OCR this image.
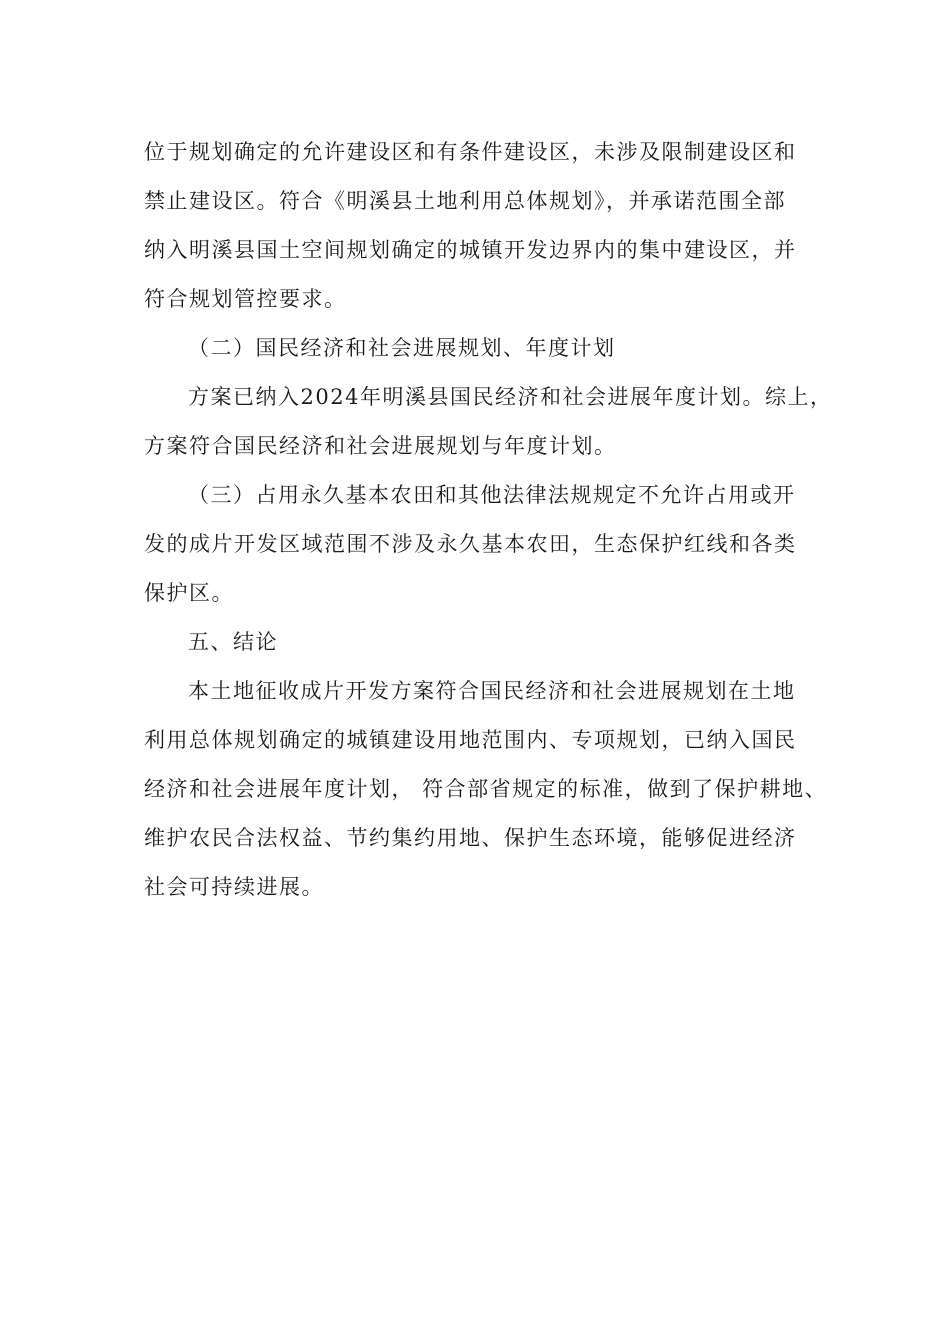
位于规划确定的允许建设区和有条件建设区，未涉及限制建设区和
禁止建设区。符合《明溪县土地利用总体规划》，并承诺范围全部
纳入明溪县国土空间规划确定的城镇开发边界内的集中建设区，并
符合规划管控要求。
（二）国民经济和社会进展规划、年度计划
方案已纳入2024年明溪县国民经济和社会进展年度计划。综上，
方案符合国民经济和社会进展规划与年度计划。
（三）占用永久基本农田和其他法律法规规定不允许占用或开
发的成片开发区域范围不涉及永久基本农田，生态保护红线和各类
保护区。
五、结论
本土地征收成片开发方案符合国民经济和社会进展规划在土地
利用总体规划确定的城镇建设用地范围内、专项规划，已纳入国民
经济和社会进展年度计划， 符合部省规定的标准，做到了保护耕地、
维护农民合法权益、节约集约用地、保护生态环境，能够促进经济
社会可持续进展。
